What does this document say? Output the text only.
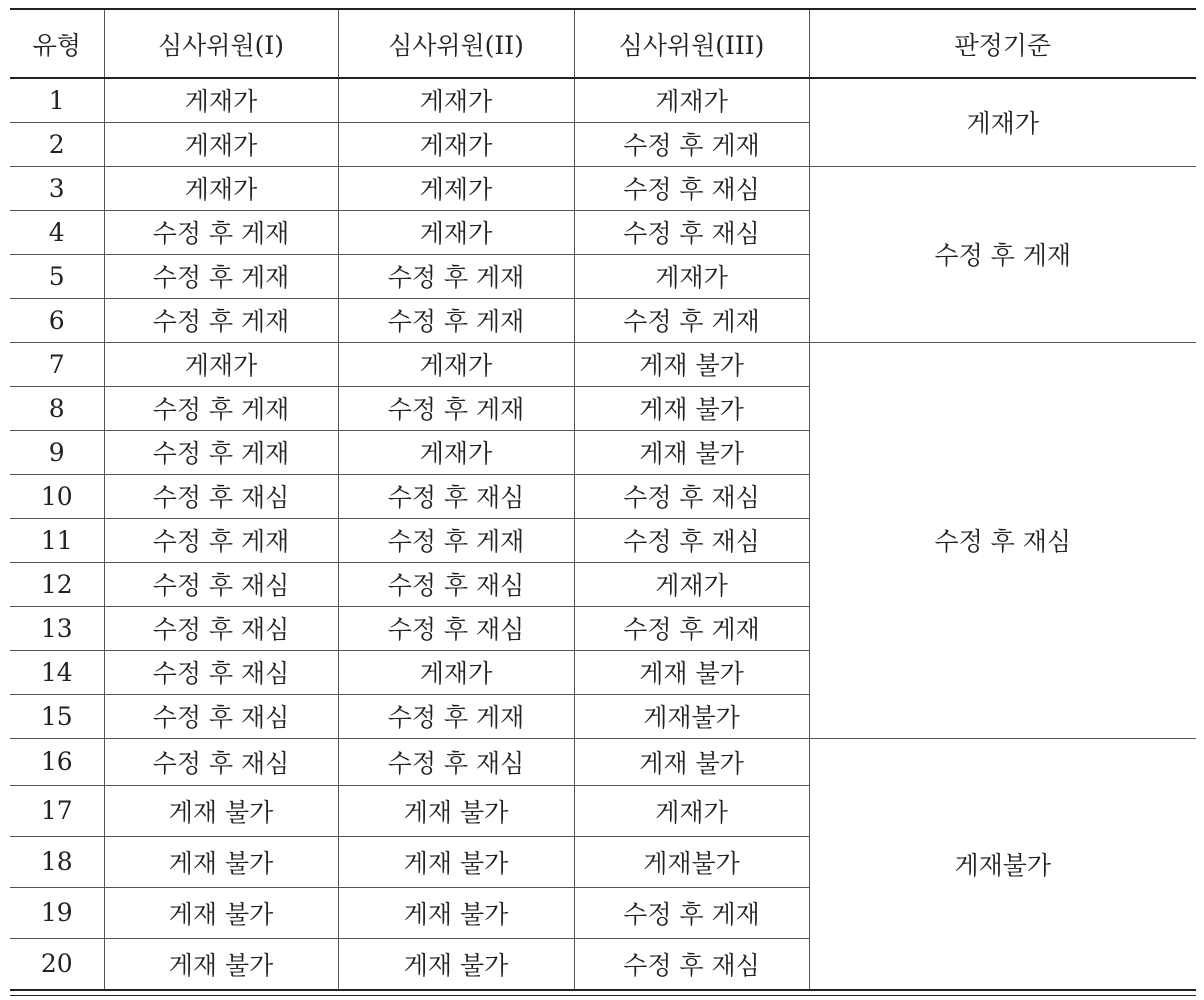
유형	심사위원(I)	심사위원(II)	심사위원(III)	판정기준
1	게재가	게재가	게재가	게재가
2	게재가	게재가	수정 후 게재	
3	게재가	게제가	수정 후 재심	수정 후 게재
4	수정 후 게재	게재가	수정 후 재심	
5	수정 후 게재	수정 후 게재	게재가	
6	수정 후 게재	수정 후 게재	수정 후 게재	
7	게재가	게재가	게재 불가	수정 후 재심
8	수정 후 게재	수정 후 게재	게재 불가	
9	수정 후 게재	게재가	게재 불가	
10	수정 후 재심	수정 후 재심	수정 후 재심	
11	수정 후 게재	수정 후 게재	수정 후 재심	
12	수정 후 재심	수정 후 재심	게재가	
13	수정 후 재심	수정 후 재심	수정 후 게재	
14	수정 후 재심	게재가	게재 불가	
15	수정 후 재심	수정 후 게재	게재불가	
16	수정 후 재심	수정 후 재심	게재 불가	게재불가
17	게재 불가	게재 불가	게재가	
18	게재 불가	게재 불가	게재불가	
19	게재 불가	게재 불가	수정 후 게재	
20	게재 불가	게재 불가	수정 후 재심	
